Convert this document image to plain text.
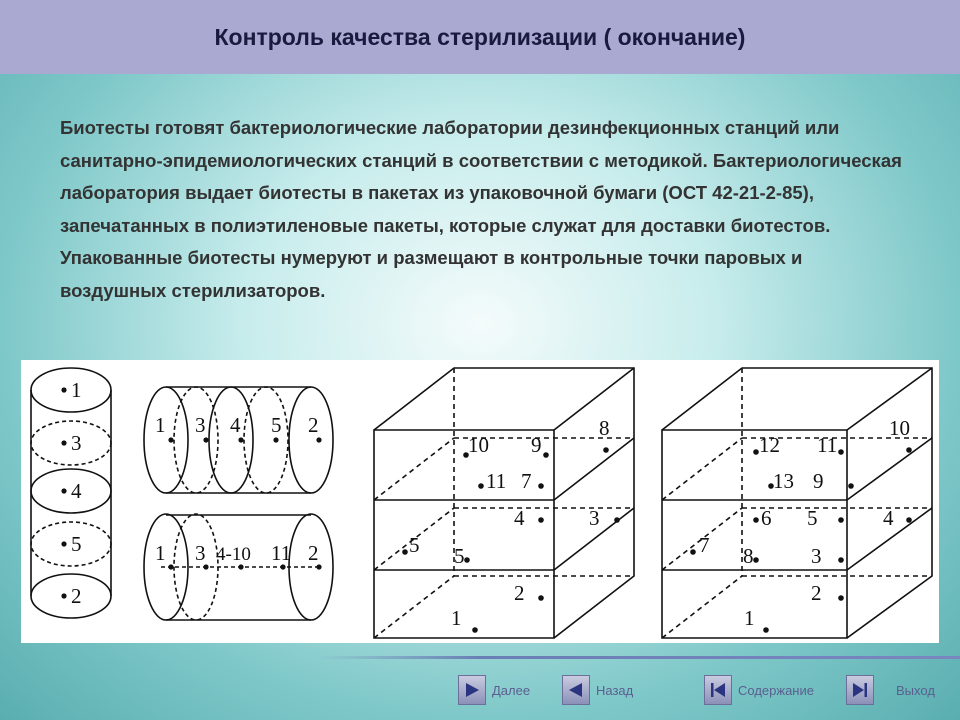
Контроль качества стерилизации ( окончание)

Биотесты готовят бактериологические лаборатории дезинфекционных станций или санитарно-эпидемиологических станций в соответствии с методикой. Бактериологическая лаборатория выдает биотесты в пакетах из упаковочной бумаги (ОСТ 42-21-2-85), запечатанных в полиэтиленовые пакеты, которые служат для доставки биотестов. Упакованные биотесты нумеруют и размещают в контрольные точки паровых и воздушных стерилизаторов.

1
3
4
5
2
1 3 4 5 2
1 3 4-10 11 2
10 9
8
11 7
4	3
5 5
2
1
12 11
10
13 9
6 5	4
7 8	3
2
1
Далее	Назад	Содержание	Выход
